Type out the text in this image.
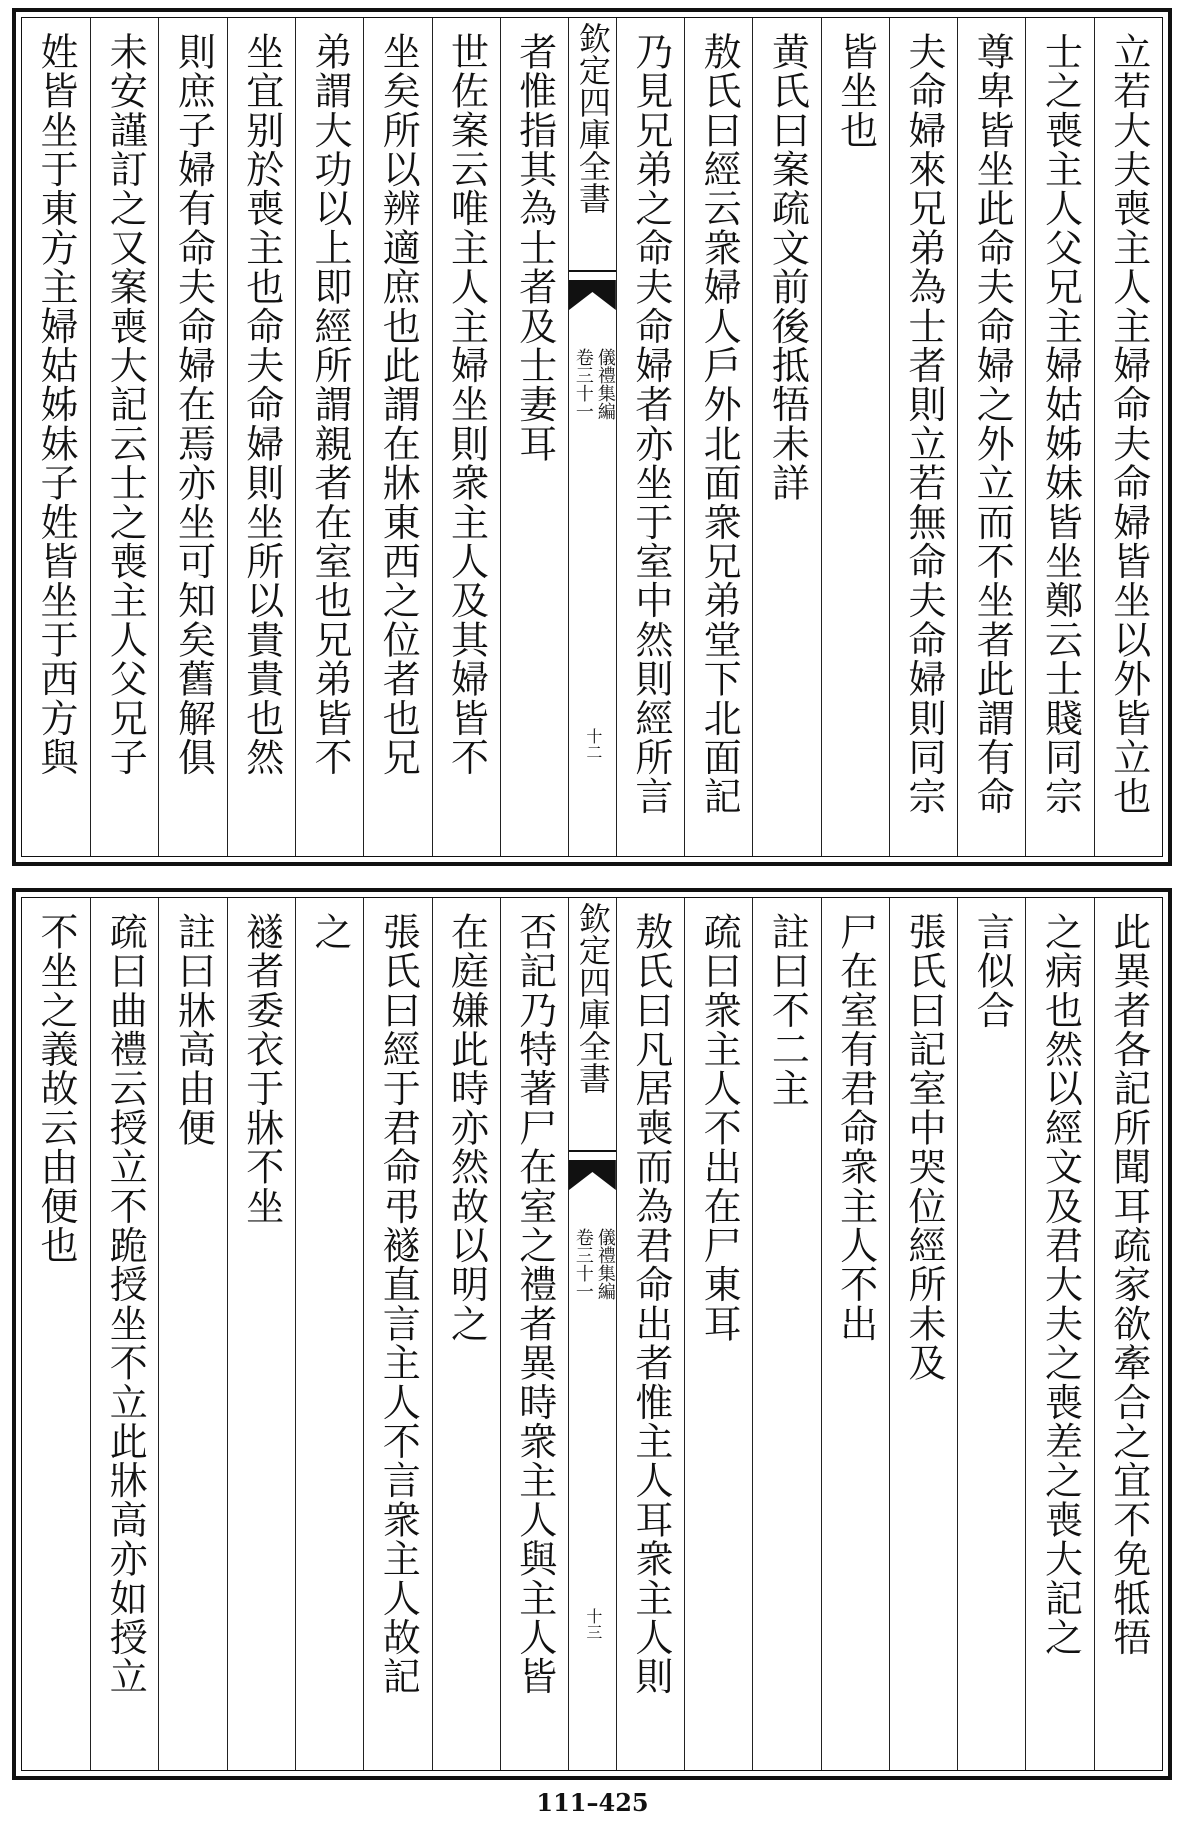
立若大夫喪主人主婦命夫命婦皆坐以外皆立也
士之喪主人父兄主婦姑姊妹皆坐鄭云士賤同宗
尊卑皆坐此命夫命婦之外立而不坐者此謂有命
夫命婦來兄弟為士者則立若無命夫命婦則同宗
皆坐也
黄氏曰案疏文前後抵牾未詳
敖氏曰經云衆婦人戶外北面衆兄弟堂下北面記
乃見兄弟之命夫命婦者亦坐于室中然則經所言
欽定四庫全書
儀禮集編
卷三十一
十二
者惟指其為士者及士妻耳
世佐案云唯主人主婦坐則衆主人及其婦皆不
坐矣所以辨適庶也此謂在牀東西之位者也兄
弟謂大功以上即經所謂親者在室也兄弟皆不
坐宜别於喪主也命夫命婦則坐所以貴貴也然
則庶子婦有命夫命婦在焉亦坐可知矣舊解俱
未安謹訂之又案喪大記云士之喪主人父兄子
姓皆坐于東方主婦姑姊妹子姓皆坐于西方與
此異者各記所聞耳疏家欲牽合之宜不免牴牾
之病也然以經文及君大夫之喪差之喪大記之
言似合
張氏曰記室中哭位經所未及
尸在室有君命衆主人不出
註曰不二主
疏曰衆主人不出在尸東耳
敖氏曰凡居喪而為君命出者惟主人耳衆主人則
欽定四庫全書
儀禮集編
卷三十一
十三
否記乃特著尸在室之禮者異時衆主人與主人皆
在庭嫌此時亦然故以明之
張氏曰經于君命弔襚直言主人不言衆主人故記
之
襚者委衣于牀不坐
註曰牀高由便
疏曰曲禮云授立不跪授坐不立此牀高亦如授立
不坐之義故云由便也
111–425
